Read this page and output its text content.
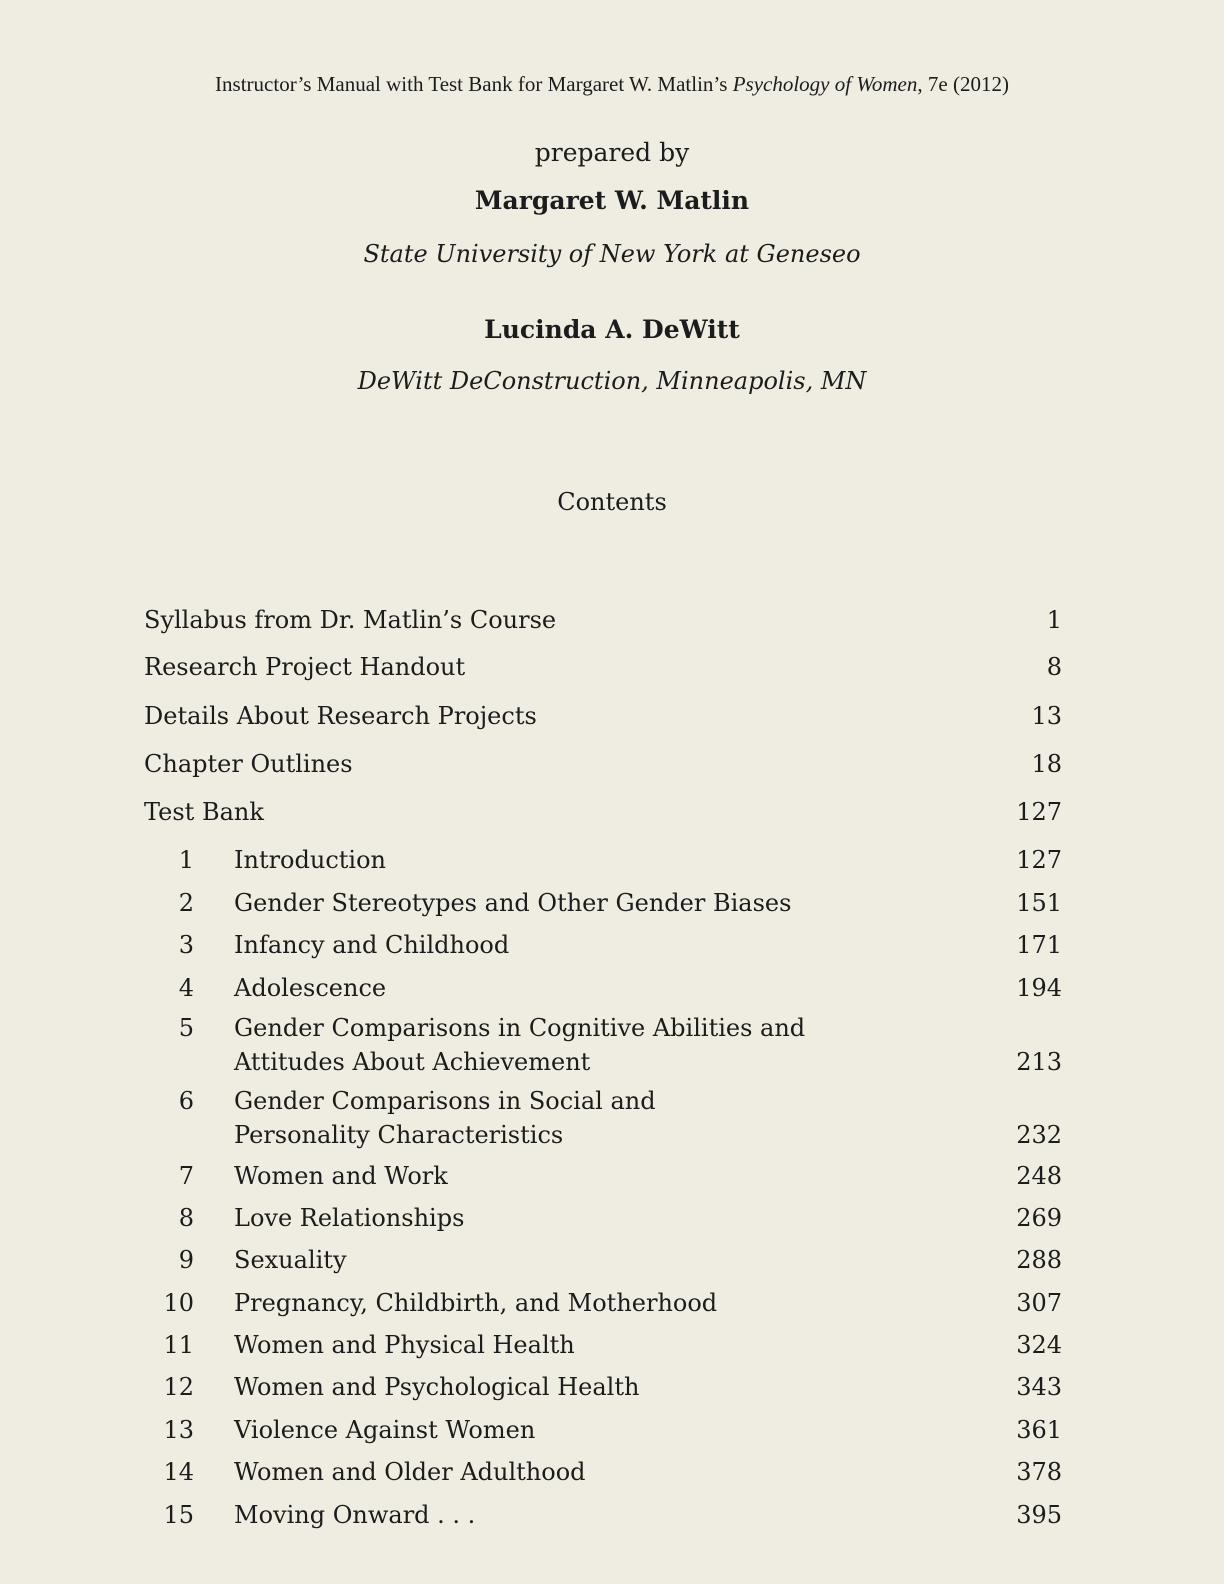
Instructor’s Manual with Test Bank for Margaret W. Matlin’s Psychology of Women, 7e (2012)
prepared by
Margaret W. Matlin
State University of New York at Geneseo
Lucinda A. DeWitt
DeWitt DeConstruction, Minneapolis, MN
Contents
Syllabus from Dr. Matlin’s Course	1
Research Project Handout	8
Details About Research Projects	13
Chapter Outlines	18
Test Bank	127
1 Introduction	127
2 Gender Stereotypes and Other Gender Biases	151
3 Infancy and Childhood	171
4 Adolescence	194
5 Gender Comparisons in Cognitive Abilities and
Attitudes About Achievement	213
6 Gender Comparisons in Social and
Personality Characteristics	232
7 Women and Work	248
8 Love Relationships	269
9 Sexuality	288
10 Pregnancy, Childbirth, and Motherhood	307
11 Women and Physical Health	324
12 Women and Psychological Health	343
13 Violence Against Women	361
14 Women and Older Adulthood	378
15 Moving Onward . . .	395
